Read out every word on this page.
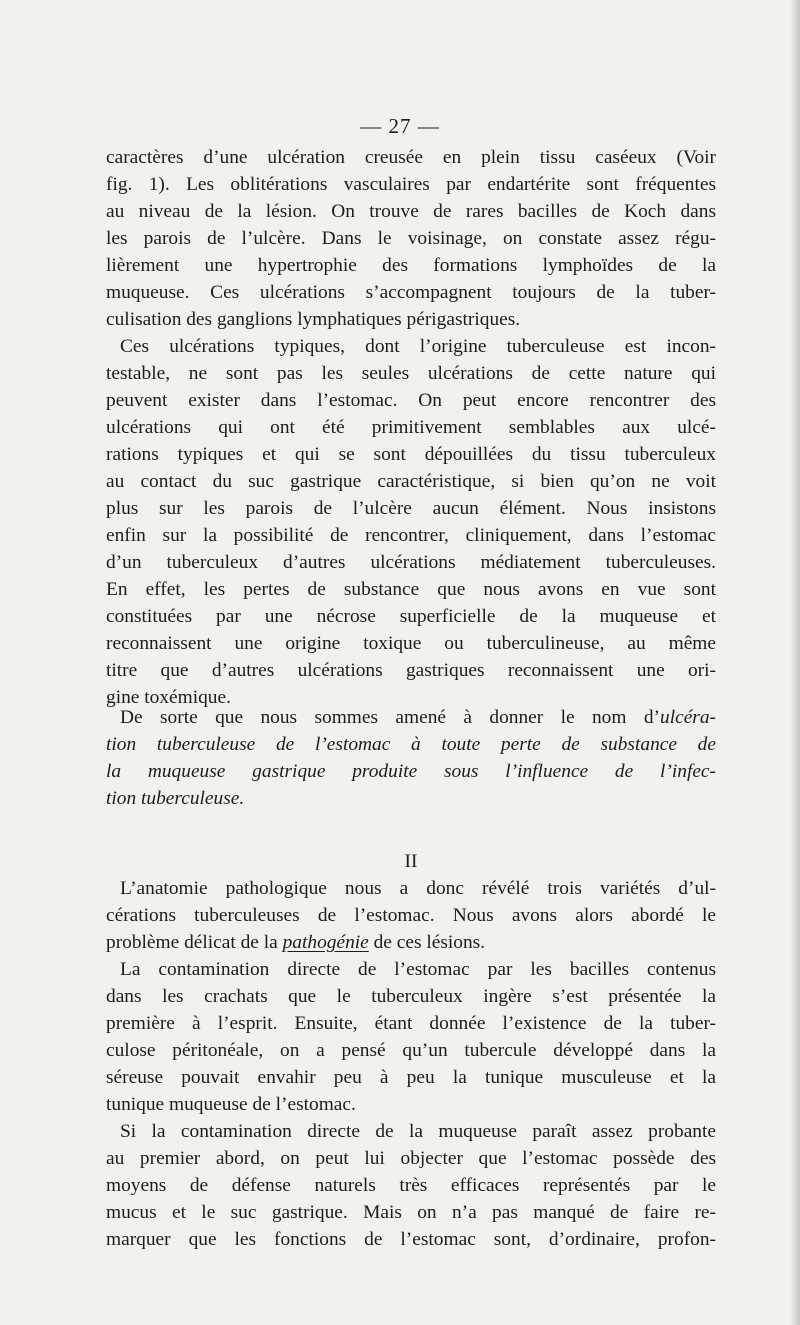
— 27 —
caractères d’une ulcération creusée en plein tissu caséeux (Voir
fig. 1). Les oblitérations vasculaires par endartérite sont fréquentes
au niveau de la lésion. On trouve de rares bacilles de Koch dans
les parois de l’ulcère. Dans le voisinage, on constate assez régu-
lièrement une hypertrophie des formations lymphoïdes de la
muqueuse. Ces ulcérations s’accompagnent toujours de la tuber-
culisation des ganglions lymphatiques périgastriques.
Ces ulcérations typiques, dont l’origine tuberculeuse est incon-
testable, ne sont pas les seules ulcérations de cette nature qui
peuvent exister dans l’estomac. On peut encore rencontrer des
ulcérations qui ont été primitivement semblables aux ulcé-
rations typiques et qui se sont dépouillées du tissu tuberculeux
au contact du suc gastrique caractéristique, si bien qu’on ne voit
plus sur les parois de l’ulcère aucun élément. Nous insistons
enfin sur la possibilité de rencontrer, cliniquement, dans l’estomac
d’un tuberculeux d’autres ulcérations médiatement tuberculeuses.
En effet, les pertes de substance que nous avons en vue sont
constituées par une nécrose superficielle de la muqueuse et
reconnaissent une origine toxique ou tuberculineuse, au même
titre que d’autres ulcérations gastriques reconnaissent une ori-
gine toxémique.
De sorte que nous sommes amené à donner le nom d’ulcéra-
tion tuberculeuse de l’estomac à toute perte de substance de
la muqueuse gastrique produite sous l’influence de l’infec-
tion tuberculeuse.
II
L’anatomie pathologique nous a donc révélé trois variétés d’ul-
cérations tuberculeuses de l’estomac. Nous avons alors abordé le
problème délicat de la pathogénie de ces lésions.
La contamination directe de l’estomac par les bacilles contenus
dans les crachats que le tuberculeux ingère s’est présentée la
première à l’esprit. Ensuite, étant donnée l’existence de la tuber-
culose péritonéale, on a pensé qu’un tubercule développé dans la
séreuse pouvait envahir peu à peu la tunique musculeuse et la
tunique muqueuse de l’estomac.
Si la contamination directe de la muqueuse paraît assez probante
au premier abord, on peut lui objecter que l’estomac possède des
moyens de défense naturels très efficaces représentés par le
mucus et le suc gastrique. Mais on n’a pas manqué de faire re-
marquer que les fonctions de l’estomac sont, d’ordinaire, profon-
